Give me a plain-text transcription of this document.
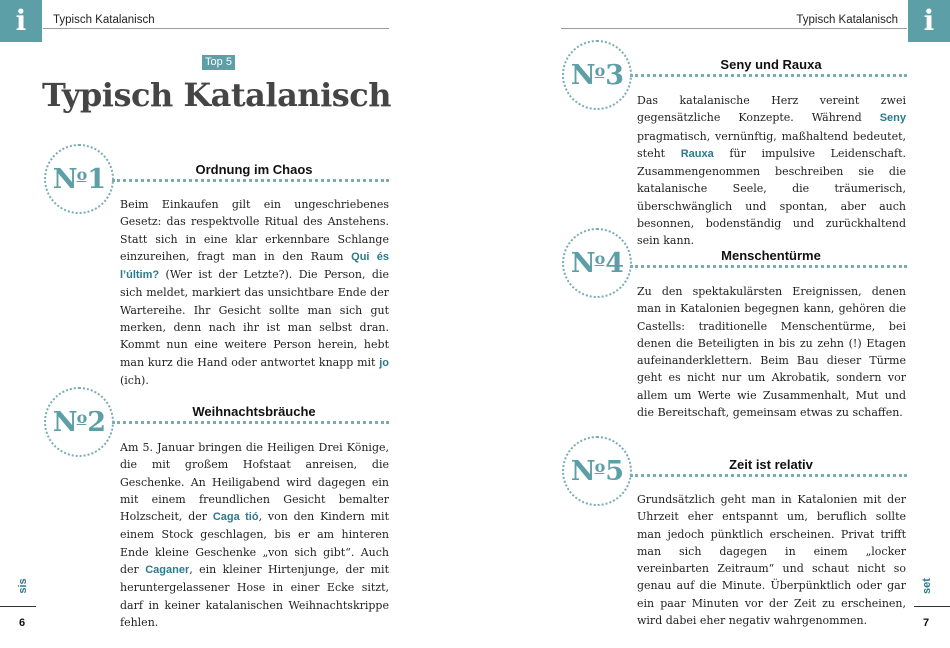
i	Typisch Katalanisch
Top 5
Typisch Katalanisch
N o 1	Ordnung im Chaos
Beim Einkaufen gilt ein ungeschriebenes Gesetz: das respektvolle Ritual des Anstehens. Statt sich in eine klar erkennbare Schlange einzureihen, fragt man in den Raum Qui és l’últim? (Wer ist der Letzte?). Die Person, die sich meldet, markiert das unsichtbare Ende der Wartereihe. Ihr Gesicht sollte man sich gut merken, denn nach ihr ist man selbst dran. Kommt nun eine weitere Person herein, hebt man kurz die Hand oder antwortet knapp mit jo (ich).
N o 2	Weihnachtsbräuche
Am 5. Januar bringen die Heiligen Drei Könige, die mit großem Hofstaat anreisen, die Geschenke. An Heiligabend wird dagegen ein mit einem freundlichen Gesicht bemalter Holzscheit, der Caga tió, von den Kindern mit einem Stock geschlagen, bis er am hinteren Ende kleine Geschenke „von sich gibt“. Auch der Caganer, ein kleiner Hirtenjunge, der mit heruntergelassener Hose in einer Ecke sitzt, darf in keiner katalanischen Weihnachtskrippe fehlen.
sis
6
i
Typisch Katalanisch
N o 3	Seny und Rauxa
Das katalanische Herz vereint zwei gegensätzliche Konzepte. Während Seny pragmatisch, vernünftig, maßhaltend bedeutet, steht Rauxa für impulsive Leidenschaft. Zusammengenommen beschreiben sie die katalanische Seele, die träumerisch, überschwänglich und spontan, aber auch besonnen, bodenständig und zurückhaltend sein kann.
N o 4	Menschentürme
Zu den spektakulärsten Ereignissen, denen man in Katalonien begegnen kann, gehören die Castells: traditionelle Menschentürme, bei denen die Beteiligten in bis zu zehn (!) Etagen aufeinanderklettern. Beim Bau dieser Türme geht es nicht nur um Akrobatik, sondern vor allem um Werte wie Zusammenhalt, Mut und die Bereitschaft, gemeinsam etwas zu schaffen.
N o 5	Zeit ist relativ
Grundsätzlich geht man in Katalonien mit der Uhrzeit eher entspannt um, beruflich sollte man jedoch pünktlich erscheinen. Privat trifft man sich dagegen in einem „locker vereinbarten Zeitraum“ und schaut nicht so genau auf die Minute. Überpünktlich oder gar ein paar Minuten vor der Zeit zu erscheinen, wird dabei eher negativ wahrgenommen.
set
7
